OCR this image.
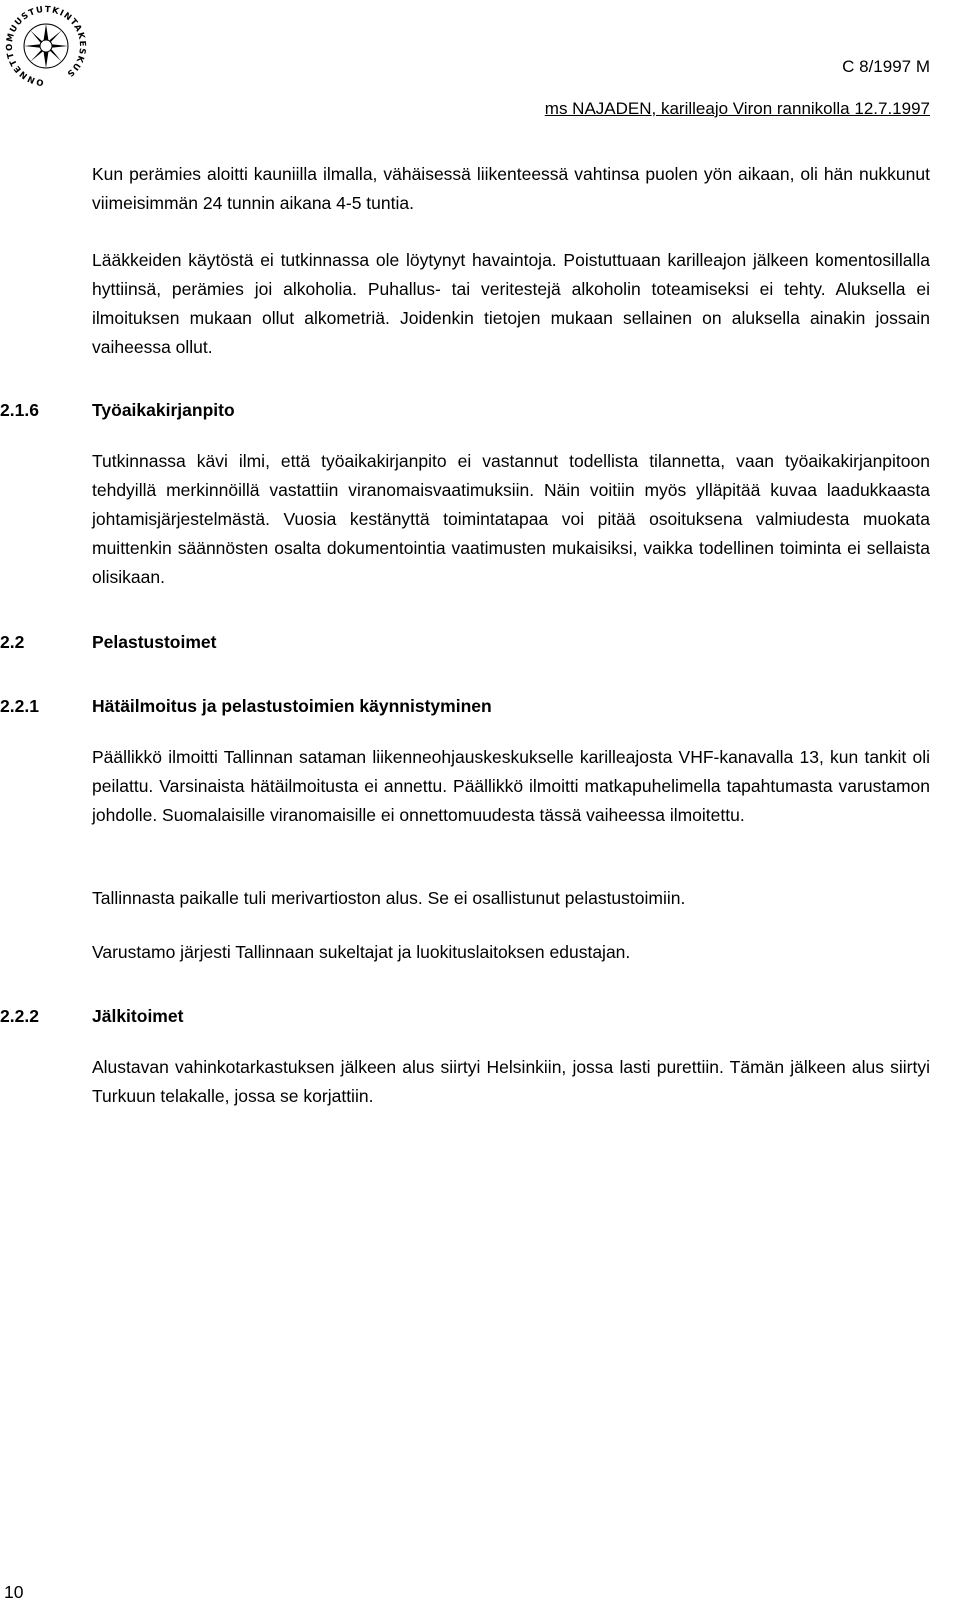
ONNETTOMUUSTUTKINTAKESKUS	C 8/1997 M
ms NAJADEN, karilleajo Viron rannikolla 12.7.1997

Kun perämies aloitti kauniilla ilmalla, vähäisessä liikenteessä vahtinsa puolen yön aikaan, oli hän nukkunut viimeisimmän 24 tunnin aikana 4-5 tuntia.

Lääkkeiden käytöstä ei tutkinnassa ole löytynyt havaintoja. Poistuttuaan karilleajon jälkeen komentosillalla hyttiinsä, perämies joi alkoholia. Puhallus- tai veritestejä alkoholin toteamiseksi ei tehty. Aluksella ei ilmoituksen mukaan ollut alkometriä. Joidenkin tietojen mukaan sellainen on aluksella ainakin jossain vaiheessa ollut.

2.1.6	Työaikakirjanpito

Tutkinnassa kävi ilmi, että työaikakirjanpito ei vastannut todellista tilannetta, vaan työaikakirjanpitoon tehdyillä merkinnöillä vastattiin viranomaisvaatimuksiin. Näin voitiin myös ylläpitää kuvaa laadukkaasta johtamisjärjestelmästä. Vuosia kestänyttä toimintatapaa voi pitää osoituksena valmiudesta muokata muittenkin säännösten osalta dokumentointia vaatimusten mukaisiksi, vaikka todellinen toiminta ei sellaista olisikaan.

2.2	Pelastustoimet
2.2.1	Hätäilmoitus ja pelastustoimien käynnistyminen

Päällikkö ilmoitti Tallinnan sataman liikenneohjauskeskukselle karilleajosta VHF-kanavalla 13, kun tankit oli peilattu. Varsinaista hätäilmoitusta ei annettu. Päällikkö ilmoitti matkapuhelimella tapahtumasta varustamon johdolle. Suomalaisille viranomaisille ei onnettomuudesta tässä vaiheessa ilmoitettu.

Tallinnasta paikalle tuli merivartioston alus. Se ei osallistunut pelastustoimiin.

Varustamo järjesti Tallinnaan sukeltajat ja luokituslaitoksen edustajan.

2.2.2	Jälkitoimet

Alustavan vahinkotarkastuksen jälkeen alus siirtyi Helsinkiin, jossa lasti purettiin. Tämän jälkeen alus siirtyi Turkuun telakalle, jossa se korjattiin.

10
